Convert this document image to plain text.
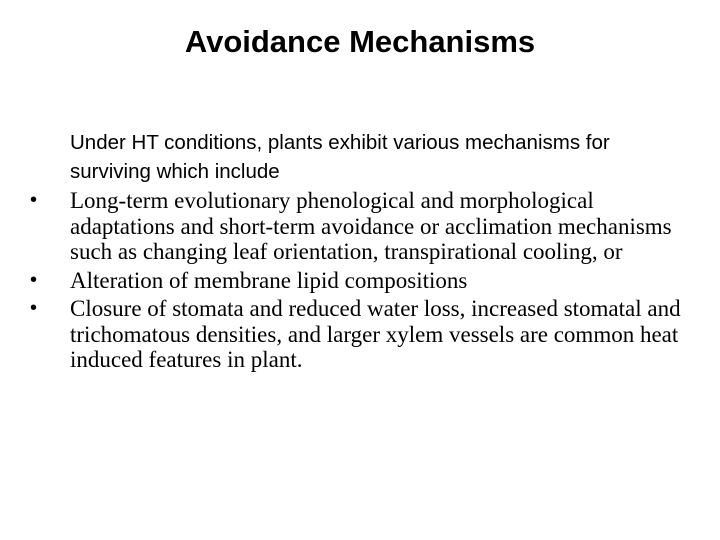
Avoidance Mechanisms
Under HT conditions, plants exhibit various mechanisms for surviving which include
•	Long-term evolutionary phenological and morphological adaptations and short-term avoidance or acclimation mechanisms such as changing leaf orientation, transpirational cooling, or
•	Alteration of membrane lipid compositions
•	Closure of stomata and reduced water loss, increased stomatal and trichomatous densities, and larger xylem vessels are common heat induced features in plant.
